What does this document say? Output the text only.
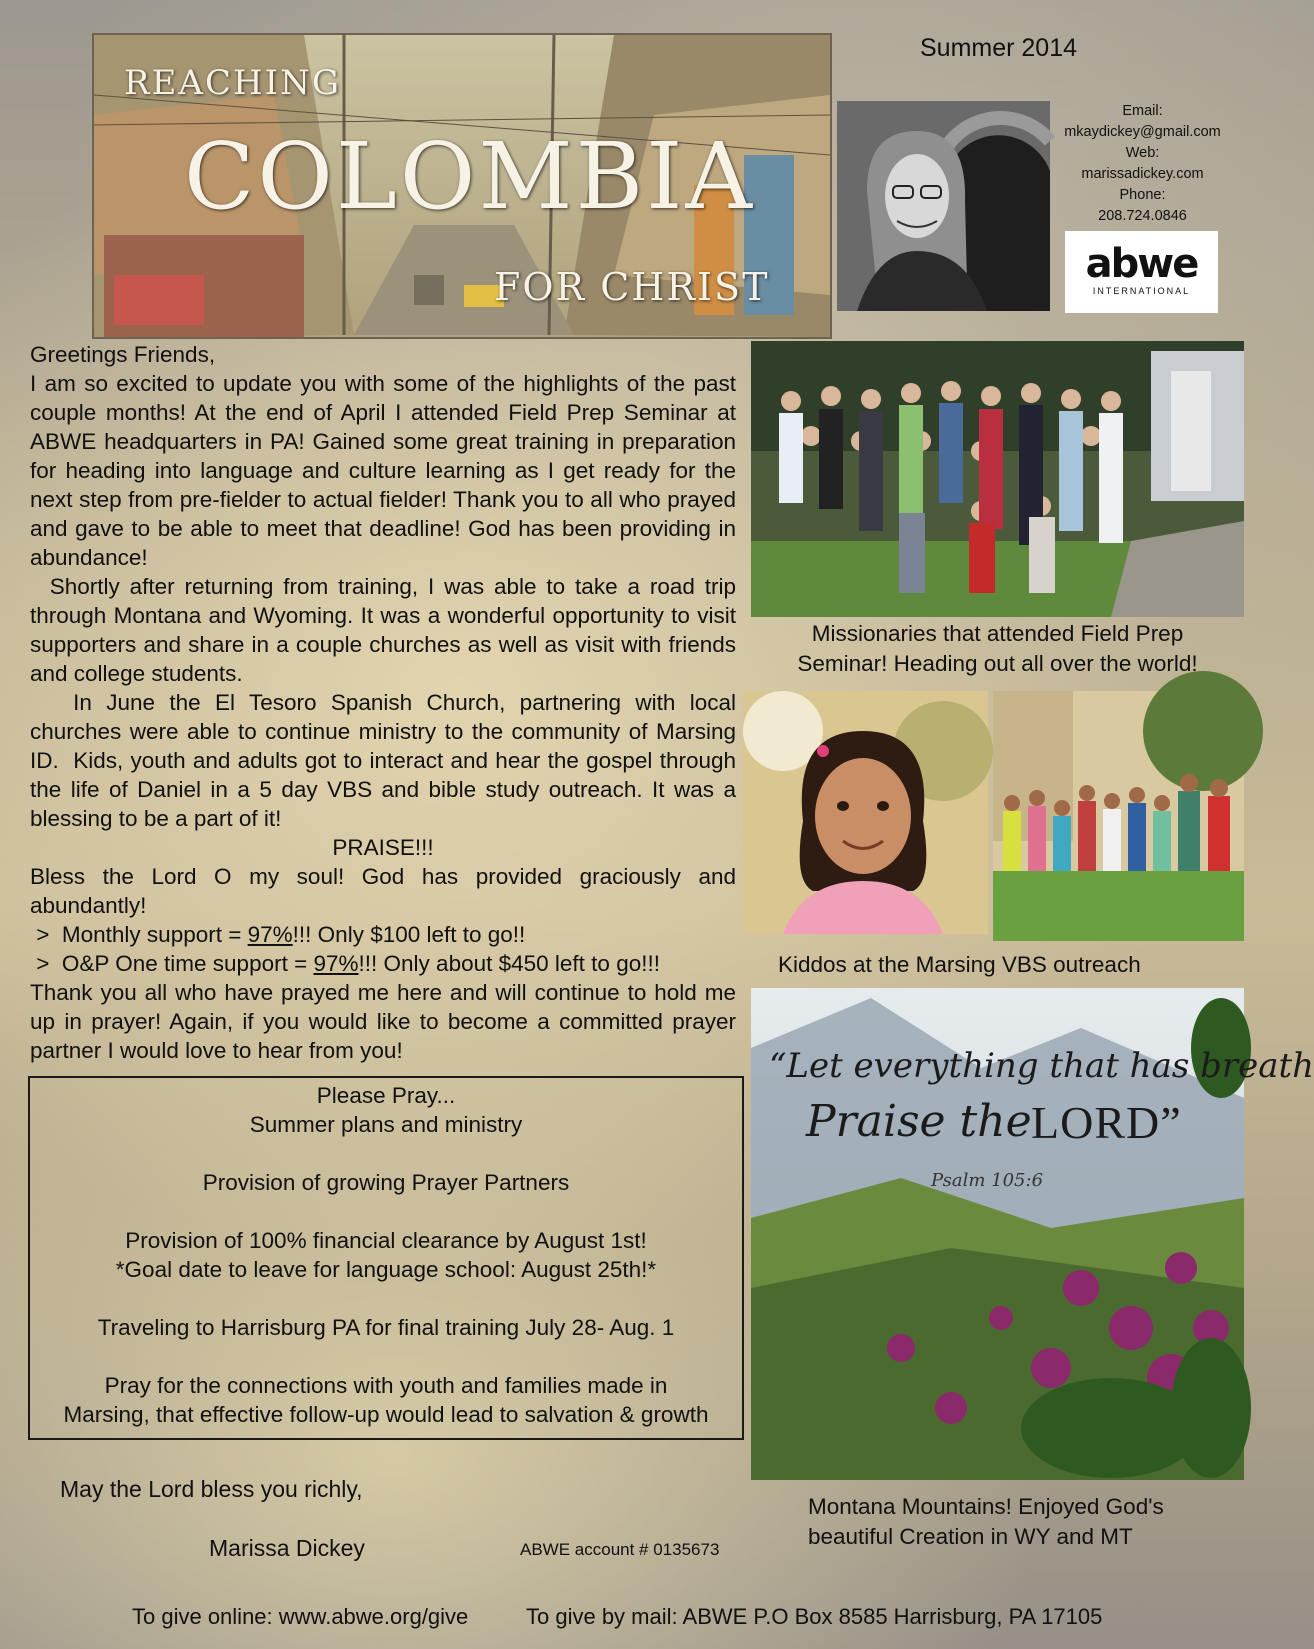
REACHING
COLOMBIA
FOR CHRIST
Summer 2014
Email:
mkaydickey@gmail.com
Web:
marissadickey.com
Phone:
208.724.0846
abwe
INTERNATIONAL

Greetings Friends,

I am so excited to update you with some of the highlights of the past couple months! At the end of April I attended Field Prep Seminar at ABWE headquarters in PA! Gained some great training in preparation for heading into language and culture learning as I get ready for the next step from pre-fielder to actual fielder! Thank you to all who prayed and gave to be able to meet that deadline! God has been providing in abundance!

Shortly after returning from training, I was able to take a road trip through Montana and Wyoming. It was a wonderful opportunity to visit supporters and share in a couple churches as well as visit with friends and college students.

In June the El Tesoro Spanish Church, partnering with local churches were able to continue ministry to the community of Marsing ID.  Kids, youth and adults got to interact and hear the gospel through the life of Daniel in a 5 day VBS and bible study outreach. It was a blessing to be a part of it!

PRAISE!!!

Bless the Lord O my soul! God has provided graciously and abundantly!

>  Monthly support = 97%!!! Only $100 left to go!!

>  O&P One time support = 97%!!! Only about $450 left to go!!!

Thank you all who have prayed me here and will continue to hold me up in prayer! Again, if you would like to become a committed prayer partner I would love to hear from you!

Please Pray...
Summer plans and ministry
Provision of growing Prayer Partners
Provision of 100% financial clearance by August 1st!
*Goal date to leave for language school: August 25th!*
Traveling to Harrisburg PA for final training July 28- Aug. 1
Pray for the connections with youth and families made in
Marsing, that effective follow-up would lead to salvation & growth
May the Lord bless you richly,
Marissa Dickey	ABWE account # 0135673
To give online: www.abwe.org/give	To give by mail: ABWE P.O Box 8585 Harrisburg, PA 17105
Missionaries that attended Field Prep
Seminar! Heading out all over the world!
Kiddos at the Marsing VBS outreach
“Let everything that has breath
Praise the LORD”
Psalm 105:6
Montana Mountains! Enjoyed God's
beautiful Creation in WY and MT
